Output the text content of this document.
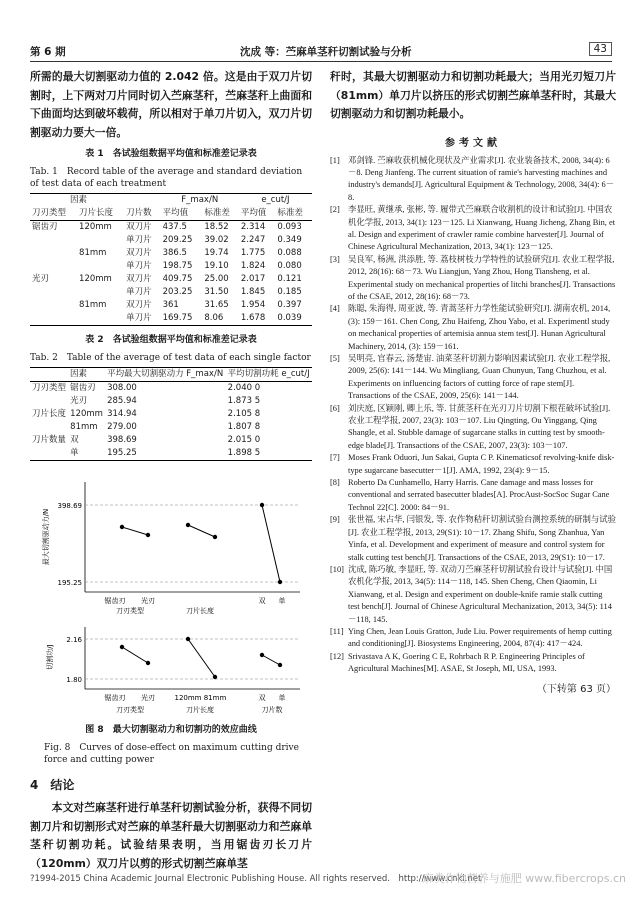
第 6 期	沈成 等：苎麻单茎秆切割试验与分析	43

所需的最大切割驱动力值的 2.042 倍。这是由于双刀片切割时，上下两对刀片同时切入苎麻茎秆，苎麻茎秆上曲面和下曲面均达到破坏载荷，所以相对于单刀片切入，双刀片切割驱动力要大一倍。

表 1　各试验组数据平均值和标准差记录表
Tab. 1　Record table of the average and standard deviation of test data of each treatment
因素			F_max/N		e_cut/J	
刀刃类型	刀片长度	刀片数	平均值	标准差	平均值	标准差
锯齿刃	120mm	双刀片	437.5	18.52	2.314	0.093
		单刀片	209.25	39.02	2.247	0.349
	81mm	双刀片	386.5	19.74	1.775	0.088
		单刀片	198.75	19.10	1.824	0.080
光刃	120mm	双刀片	409.75	25.00	2.017	0.121
		单刀片	203.25	31.50	1.845	0.185
	81mm	双刀片	361	31.65	1.954	0.397
		单刀片	169.75	8.06	1.678	0.039
表 2　各试验组数据平均值和标准差记录表
Tab. 2　Table of the average of test data of each single factor
因素		平均最大切割驱动力 F_max/N	平均切割功耗 e_cut/J
刀刃类型	锯齿刃	308.00	2.040 0
	光刃	285.94	1.873 5
刀片长度	120mm	314.94	2.105 8
	81mm	279.00	1.807 8
刀片数量	双	398.69	2.015 0
	单	195.25	1.898 5
最大切割驱动力/N
398.69
195.25
锯齿刃 光刃	双 单
刀刃类型	刀片长度
切割功/J
2.16
1.80
锯齿刃 光刃	120mm 81mm	双 单
刀刃类型	刀片长度	刀片数
图 8　最大切割驱动力和切割功的效应曲线
Fig. 8　Curves of dose-effect on maximum cutting drive force and cutting power
4　结论

本文对苎麻茎秆进行单茎秆切割试验分析，获得不同切割刀片和切割形式对苎麻的单茎秆最大切割驱动力和苎麻单茎秆切割功耗。试验结果表明，当用锯齿刃长刀片（120mm）双刀片以剪的形式切割苎麻单茎

秆时，其最大切割驱动力和切割功耗最大；当用光刃短刀片（81mm）单刀片以挤压的形式切割苎麻单茎秆时，其最大切割驱动力和切割功耗最小。

参考文献
[1] 邓剑锋. 苎麻收获机械化现状及产业需求[J]. 农业装备技术, 2008, 34(4): 6－8. Deng Jianfeng. The current situation of ramie's harvesting machines and industry's demands[J]. Agricultural Equipment & Technology, 2008, 34(4): 6－8.
[2] 李显旺, 黄继承, 张彬, 等. 履带式苎麻联合收割机的设计和试验[J]. 中国农机化学报, 2013, 34(1): 123－125. Li Xianwang, Huang Jicheng, Zhang Bin, et al. Design and experiment of crawler ramie combine harvester[J]. Journal of Chinese Agricultural Mechanization, 2013, 34(1): 123－125.
[3] 吴良军, 杨洲, 洪添胜, 等. 荔枝树枝力学特性的试验研究[J]. 农业工程学报, 2012, 28(16): 68－73. Wu Liangjun, Yang Zhou, Hong Tiansheng, et al. Experimental study on mechanical properties of litchi branches[J]. Transactions of the CSAE, 2012, 28(16): 68－73.
[4] 陈聪, 朱海得, 周亚波, 等. 青蒿茎秆力学性能试验研究[J]. 湖南农机, 2014, (3): 159－161. Chen Cong, Zhu Haifeng, Zhou Yabo, et al. Experimentl study on mechanical properties of artemisia annua stem test[J]. Hunan Agricultural Machinery, 2014, (3): 159－161.
[5] 吴明亮, 官春云, 汤楚宙. 油菜茎秆切割力影响因素试验[J]. 农业工程学报, 2009, 25(6): 141－144. Wu Mingliang, Guan Chunyun, Tang Chuzhou, et al. Experiments on influencing factors of cutting force of rape stem[J]. Transactions of the CSAE, 2009, 25(6): 141－144.
[6] 刘庆庭, 区颖刚, 卿上乐, 等. 甘蔗茎秆在光刃刀片切割下根茬破坏试验[J]. 农业工程学报, 2007, 23(3): 103－107. Liu Qingting, Ou Yinggang, Qing Shangle, et al. Stubble damage of sugarcane stalks in cutting test by smooth-edge blade[J]. Transactions of the CSAE, 2007, 23(3): 103－107.
[7] Moses Frank Oduori, Jun Sakai, Gupta C P. Kinematicsof revolving-knife disk-type sugarcane basecutter－1[J]. AMA, 1992, 23(4): 9－15.
[8] Roberto Da Cunhamello, Harry Harris. Cane damage and mass losses for conventional and serrated basecutter blades[A]. ProcAust-SocSoc Sugar Cane Technol 22[C]. 2000: 84－91.
[9] 张世福, 宋占华, 闫银发, 等. 农作物秸秆切割试验台测控系统的研制与试验[J]. 农业工程学报, 2013, 29(S1): 10－17. Zhang Shifu, Song Zhanhua, Yan Yinfa, et al. Development and experiment of measure and control system for stalk cutting test bench[J]. Transactions of the CSAE, 2013, 29(S1): 10－17.
[10] 沈成, 陈巧敏, 李显旺, 等. 双动刀苎麻茎秆切割试验台设计与试验[J]. 中国农机化学报, 2013, 34(5): 114－118, 145. Shen Cheng, Chen Qiaomin, Li Xianwang, et al. Design and experiment on double-knife ramie stalk cutting test bench[J]. Journal of Chinese Agricultural Mechanization, 2013, 34(5): 114－118, 145.
[11] Ying Chen, Jean Louis Gratton, Jude Liu. Power requirements of hemp cutting and conditioning[J]. Biosystems Engineering, 2004, 87(4): 417－424.
[12] Srivastava A K, Goering C E, Rohrbach R P. Engineering Principles of Agricultural Machines[M]. ASAE, St Joseph, MI, USA, 1993.
（下转第 63 页）
?1994-2015 China Academic Journal Electronic Publishing House. All rights reserved.　http://www.cnki.net
麻类作物营养与施肥 www.fibercrops.cn
